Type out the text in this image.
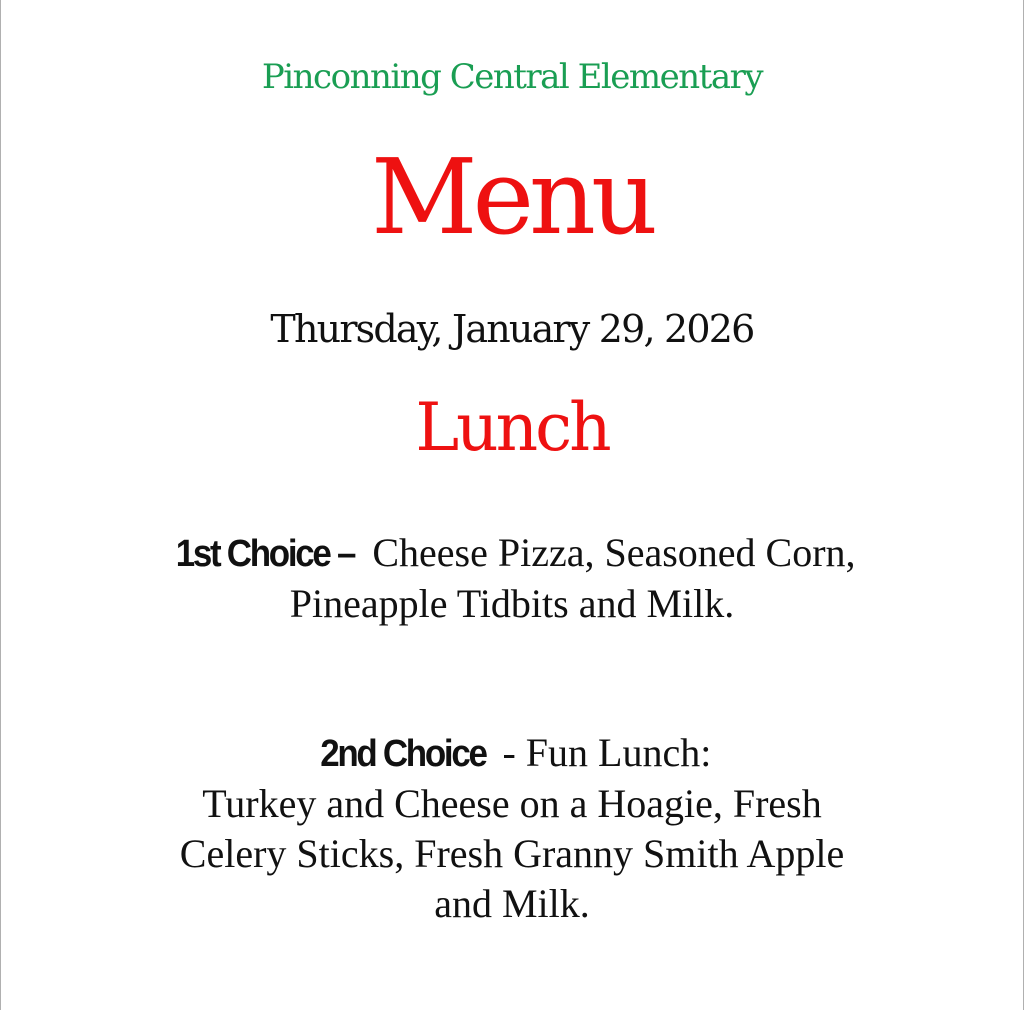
Pinconning Central Elementary
Menu
Thursday, January 29, 2026
Lunch
1st Choice – Cheese Pizza, Seasoned Corn,
Pineapple Tidbits and Milk.
2nd Choice - Fun Lunch:
Turkey and Cheese on a Hoagie, Fresh
Celery Sticks, Fresh Granny Smith Apple
and Milk.
